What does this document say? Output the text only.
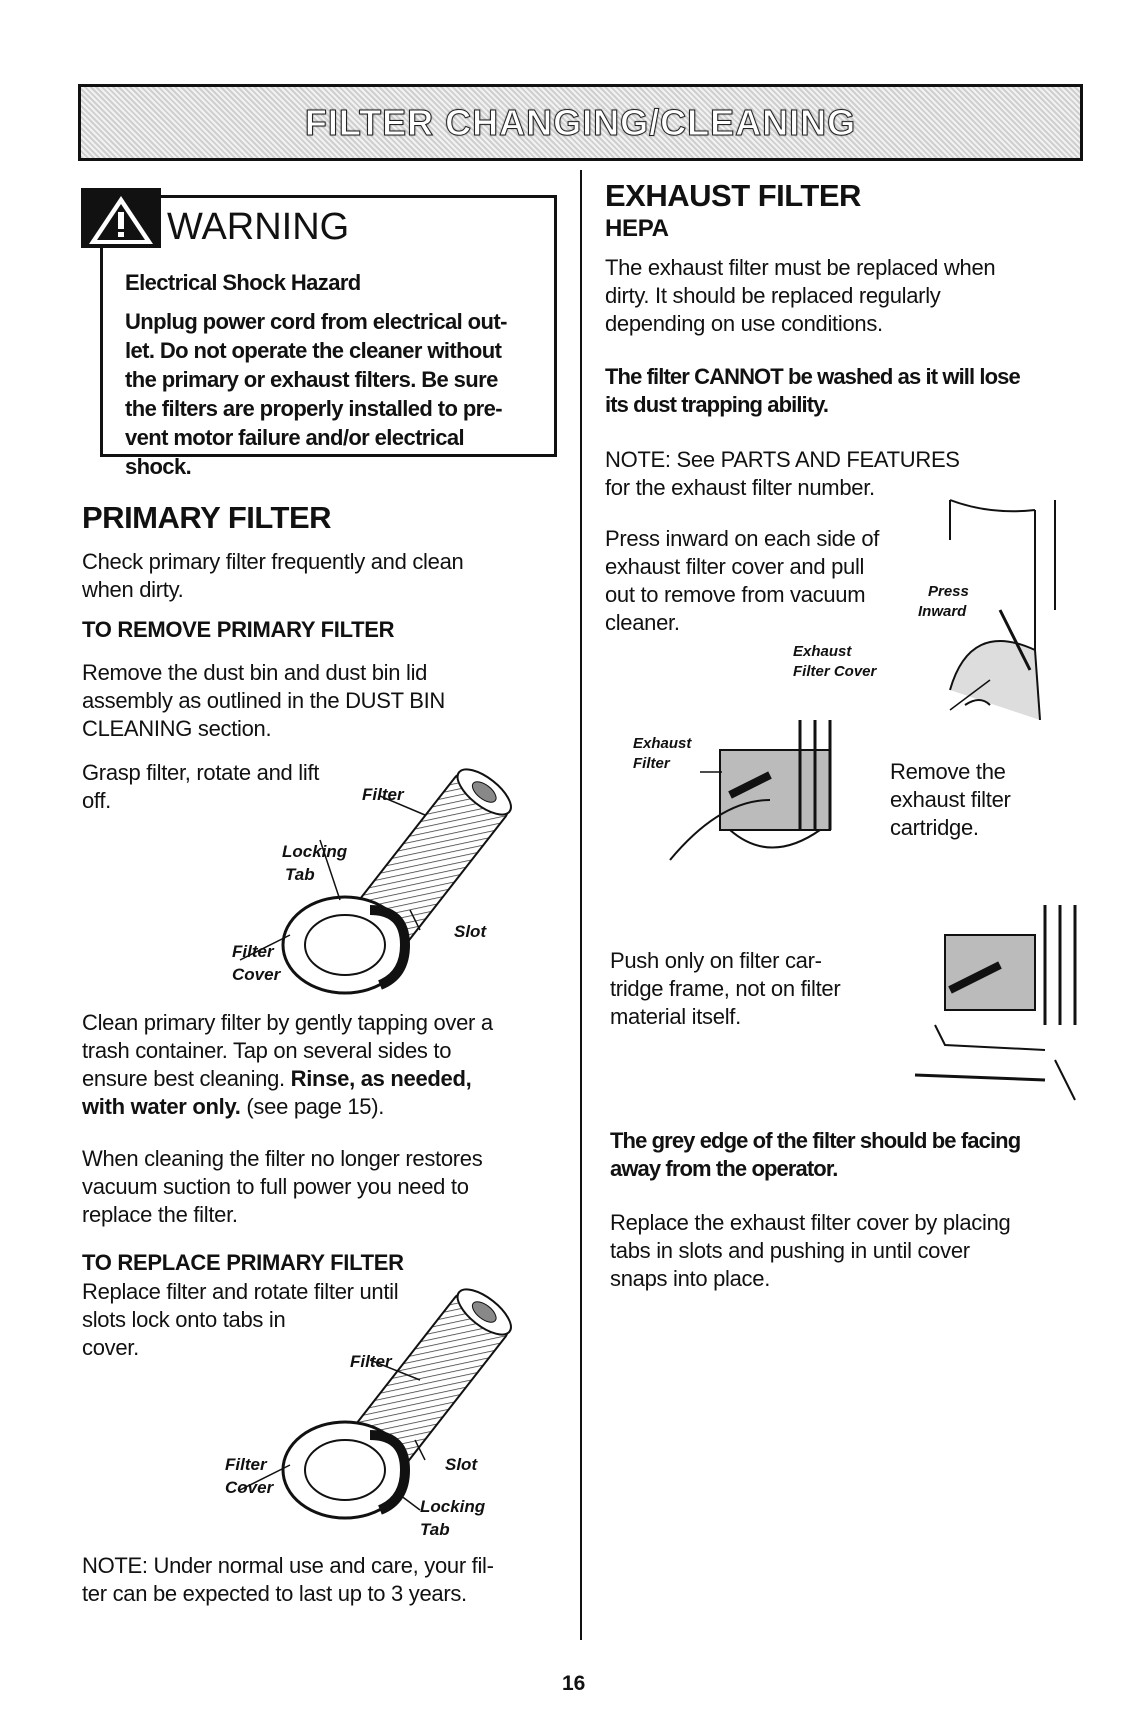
FILTER CHANGING/CLEANING
WARNING

Electrical Shock Hazard

Unplug power cord from electrical out-
let. Do not operate the cleaner without
the primary or exhaust filters. Be sure
the filters are properly installed to pre-
vent motor failure and/or electrical
shock.
PRIMARY FILTER
Check primary filter frequently and clean
when dirty.
TO REMOVE PRIMARY FILTER
Remove the dust bin and dust bin lid
assembly as outlined in the DUST BIN
CLEANING section.
Grasp filter, rotate and lift
off.	Filter
Locking
Tab
Slot
Filter
Cover
Clean primary filter by gently tapping over a
trash container. Tap on several sides to
ensure best cleaning. Rinse, as needed,
with water only. (see page 15).
When cleaning the filter no longer restores
vacuum suction to full power you need to
replace the filter.
TO REPLACE PRIMARY FILTER
Replace filter and rotate filter until
slots lock onto tabs in
cover.
Filter
Filter
Cover
Slot
Locking
Tab
NOTE: Under normal use and care, your fil-
ter can be expected to last up to 3 years.
EXHAUST FILTER
HEPA
The exhaust filter must be replaced when
dirty. It should be replaced regularly
depending on use conditions.
The filter CANNOT be washed as it will lose
its dust trapping ability.
NOTE: See PARTS AND FEATURES
for the exhaust filter number.
Press inward on each side of
exhaust filter cover and pull
out to remove from vacuum
cleaner.
Press
Inward
Exhaust
Filter Cover
Exhaust
Filter	Remove the
exhaust filter
cartridge.
Push only on filter car-
tridge frame, not on filter
material itself.
The grey edge of the filter should be facing
away from the operator.
Replace the exhaust filter cover by placing
tabs in slots and pushing in until cover
snaps into place.
16
